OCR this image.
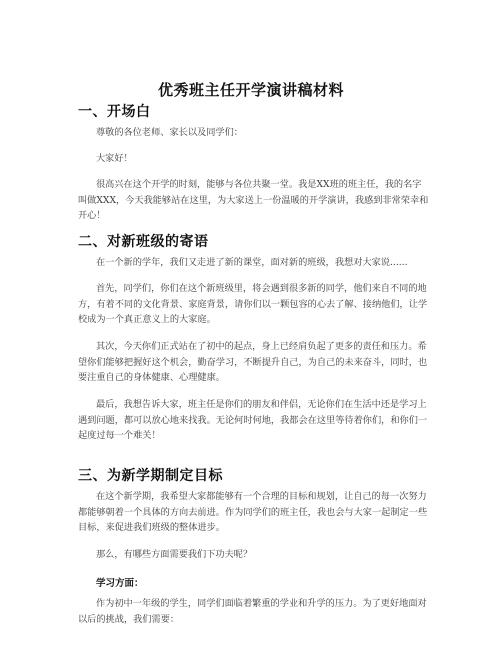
优秀班主任开学演讲稿材料
一、开场白

尊敬的各位老师、家长以及同学们：

大家好！

很高兴在这个开学的时刻，能够与各位共聚一堂。我是XX班的班主任，我的名字叫做XXX，今天我能够站在这里，为大家送上一份温暖的开学演讲，我感到非常荣幸和开心！

二、对新班级的寄语

在一个新的学年，我们又走进了新的课堂，面对新的班级，我想对大家说......

首先，同学们，你们在这个新班级里，将会遇到很多新的同学，他们来自不同的地方，有着不同的文化背景、家庭背景，请你们以一颗包容的心去了解、接纳他们，让学校成为一个真正意义上的大家庭。

其次，今天你们正式站在了初中的起点，身上已经肩负起了更多的责任和压力。希望你们能够把握好这个机会，勤奋学习，不断提升自己，为自己的未来奋斗，同时，也要注重自己的身体健康、心理健康。

最后，我想告诉大家，班主任是你们的朋友和伴侣，无论你们在生活中还是学习上遇到问题，都可以放心地来找我。无论何时何地，我都会在这里等待着你们，和你们一起度过每一个难关！

三、为新学期制定目标

在这个新学期，我希望大家都能够有一个合理的目标和规划，让自己的每一次努力都能够朝着一个具体的方向去前进。作为同学们的班主任，我也会与大家一起制定一些目标，来促进我们班级的整体进步。

那么，有哪些方面需要我们下功夫呢？

学习方面：

作为初中一年级的学生，同学们面临着繁重的学业和升学的压力。为了更好地面对以后的挑战，我们需要：
